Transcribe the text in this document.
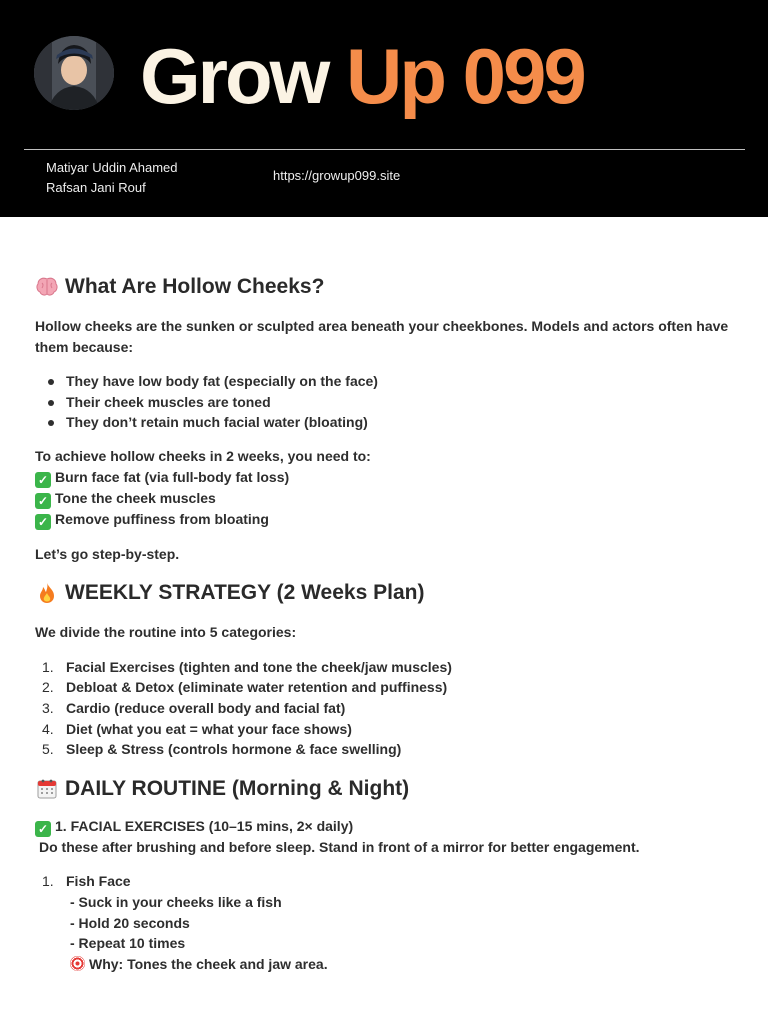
Grow Up 099
Matiyar Uddin Ahamed
Rafsan Jani Rouf
https://growup099.site
What Are Hollow Cheeks?
Hollow cheeks are the sunken or sculpted area beneath your cheekbones. Models and actors often have them because:
They have low body fat (especially on the face)
Their cheek muscles are toned
They don’t retain much facial water (bloating)
To achieve hollow cheeks in 2 weeks, you need to:
✓ Burn face fat (via full-body fat loss)
✓ Tone the cheek muscles
✓ Remove puffiness from bloating
Let’s go step-by-step.
WEEKLY STRATEGY (2 Weeks Plan)
We divide the routine into 5 categories:
1. Facial Exercises (tighten and tone the cheek/jaw muscles)
2. Debloat & Detox (eliminate water retention and puffiness)
3. Cardio (reduce overall body and facial fat)
4. Diet (what you eat = what your face shows)
5. Sleep & Stress (controls hormone & face swelling)
DAILY ROUTINE (Morning & Night)
✓ 1. FACIAL EXERCISES (10–15 mins, 2× daily)
Do these after brushing and before sleep. Stand in front of a mirror for better engagement.
1. Fish Face
- Suck in your cheeks like a fish
- Hold 20 seconds
- Repeat 10 times
Why: Tones the cheek and jaw area.
